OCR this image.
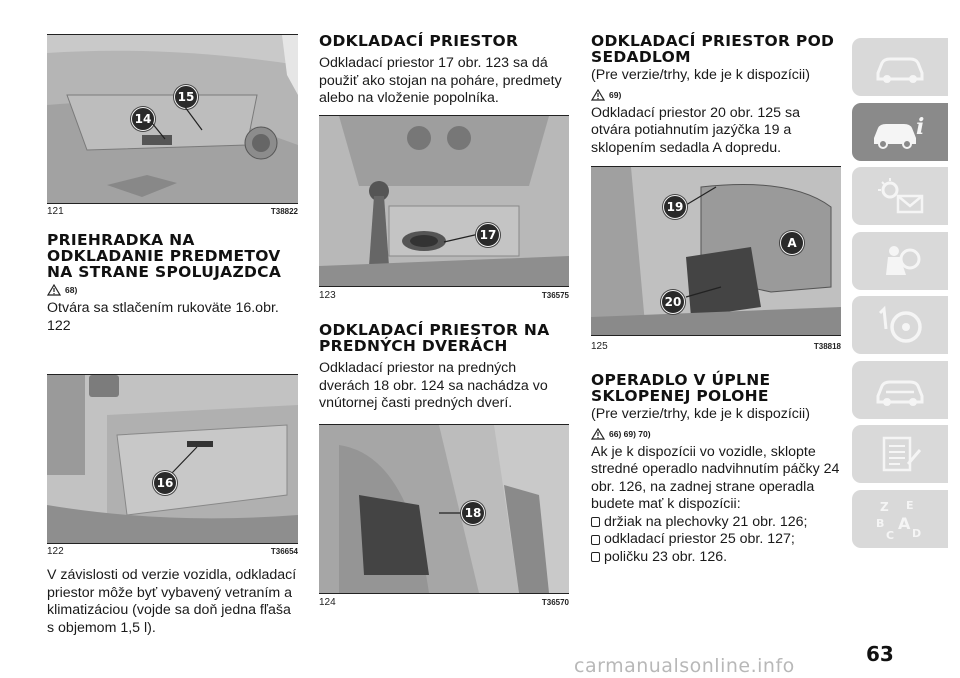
15
14
121	T38822
PRIEHRADKA NA ODKLADANIE PREDMETOV NA STRANE SPOLUJAZDCA
68)

Otvára sa stlačením rukoväte 16.obr. 122

16
122	T36654

V závislosti od verzie vozidla, odkladací priestor môže byť vybavený vetraním a klimatizáciou (vojde sa doň jedna fľaša s objemom 1,5 l).

ODKLADACÍ PRIESTOR

Odkladací priestor 17 obr. 123 sa dá použiť ako stojan na poháre, predmety alebo na vloženie popolníka.

17
123	T36575
ODKLADACÍ PRIESTOR NA PREDNÝCH DVERÁCH

Odkladací priestor na predných dverách 18 obr. 124 sa nachádza vo vnútornej časti predných dverí.

18
124	T36570
ODKLADACÍ PRIESTOR POD SEDADLOM

(Pre verzie/trhy, kde je k dispozícii)

69)

Odkladací priestor 20 obr. 125 sa otvára potiahnutím jazýčka 19 a sklopením sedadla A dopredu.

19
A
20
125	T38818
OPERADLO V ÚPLNE SKLOPENEJ POLOHE

(Pre verzie/trhy, kde je k dispozícii)

66) 69) 70)

Ak je k dispozícii vo vozidle, sklopte stredné operadlo nadvihnutím páčky 24 obr. 126, na zadnej strane operadla budete mať k dispozícii:

držiak na plechovky 21 obr. 126;
odkladací priestor 25 obr. 127;
poličku 23 obr. 126.
i
Z E
B A
C D
63
carmanualsonline.info
